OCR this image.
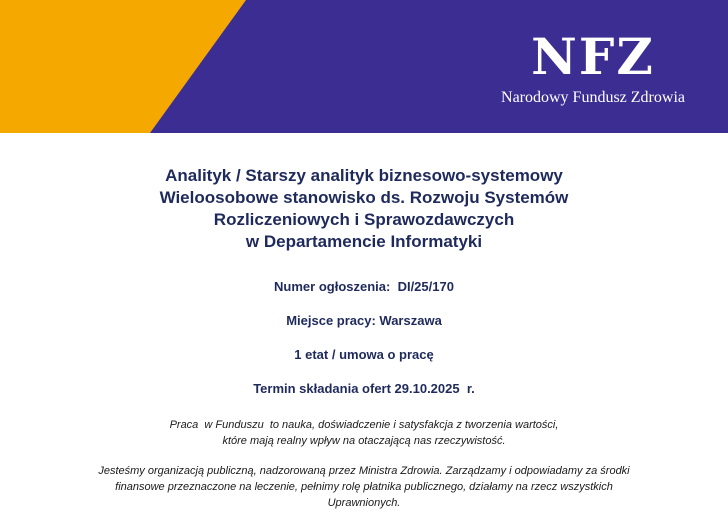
NFZ
Narodowy Fundusz Zdrowia
Analityk / Starszy analityk biznesowo-systemowy
Wieloosobowe stanowisko ds. Rozwoju Systemów
Rozliczeniowych i Sprawozdawczych
w Departamencie Informatyki
Numer ogłoszenia:  DI/25/170
Miejsce pracy: Warszawa
1 etat / umowa o pracę
Termin składania ofert 29.10.2025  r.
Praca  w Funduszu  to nauka, doświadczenie i satysfakcja z tworzenia wartości,
które mają realny wpływ na otaczającą nas rzeczywistość.
Jesteśmy organizacją publiczną, nadzorowaną przez Ministra Zdrowia. Zarządzamy i odpowiadamy za środki
finansowe przeznaczone na leczenie, pełnimy rolę płatnika publicznego, działamy na rzecz wszystkich
Uprawnionych.
